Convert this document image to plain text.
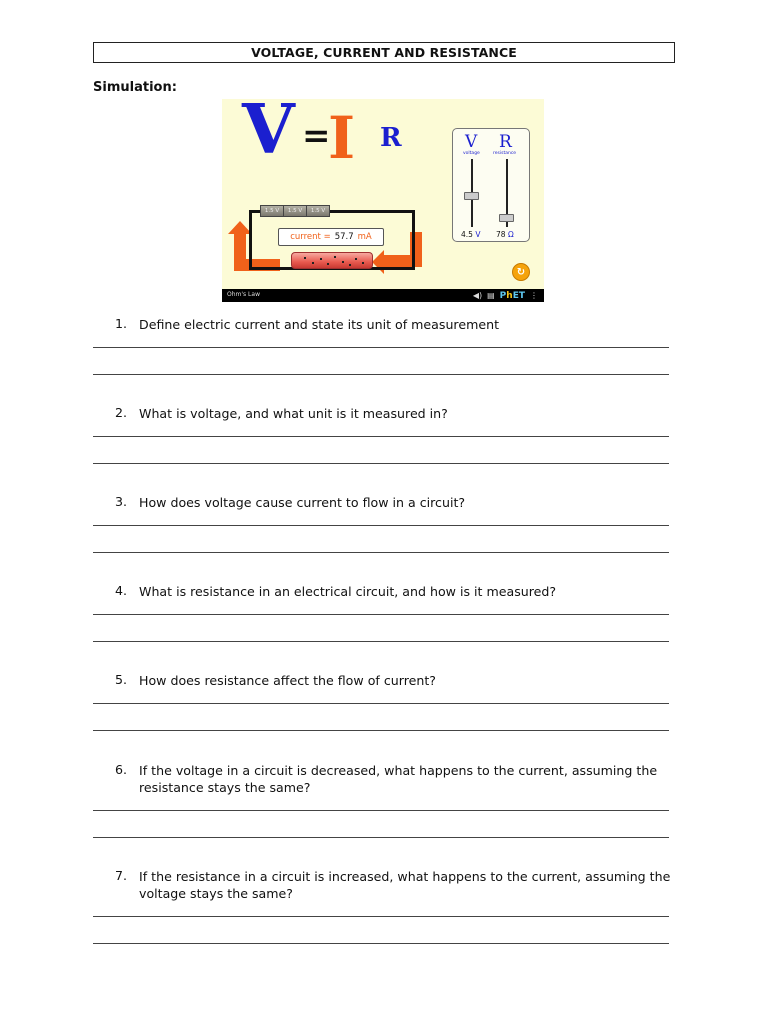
VOLTAGE, CURRENT AND RESISTANCE
Simulation:
V =
I R	V
voltage
4.5 V
R
resistance
78 Ω
1.5 V	1.5 V	1.5 V
current = 57.7 mA
↻
Ohm's Law	◀) ▤ PhET ⋮
1. Define electric current and state its unit of measurement
2. What is voltage, and what unit is it measured in?
3. How does voltage cause current to flow in a circuit?
4. What is resistance in an electrical circuit, and how is it measured?
5. How does resistance affect the flow of current?
6. If the voltage in a circuit is decreased, what happens to the current, assuming the resistance stays the same?
7. If the resistance in a circuit is increased, what happens to the current, assuming the voltage stays the same?
